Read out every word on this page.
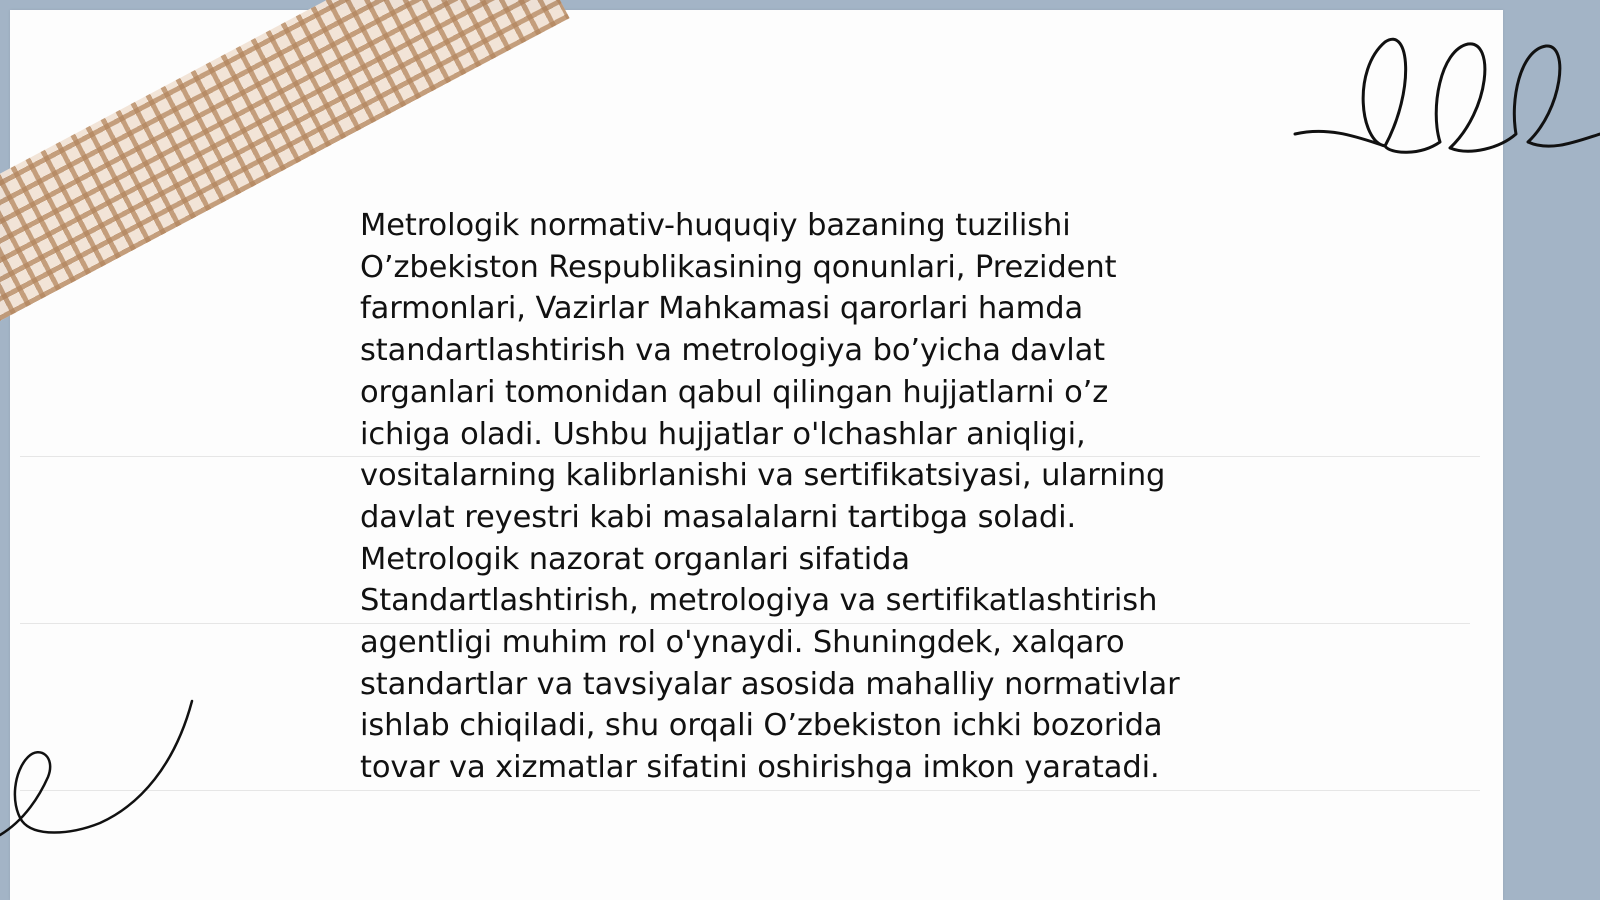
Metrologik normativ-huquqiy bazaning tuzilishi
O’zbekiston Respublikasining qonunlari, Prezident
farmonlari, Vazirlar Mahkamasi qarorlari hamda
standartlashtirish va metrologiya bo’yicha davlat
organlari tomonidan qabul qilingan hujjatlarni o’z
ichiga oladi. Ushbu hujjatlar o'lchashlar aniqligi,
vositalarning kalibrlanishi va sertifikatsiyasi, ularning
davlat reyestri kabi masalalarni tartibga soladi.
Metrologik nazorat organlari sifatida
Standartlashtirish, metrologiya va sertifikatlashtirish
agentligi muhim rol o'ynaydi. Shuningdek, xalqaro
standartlar va tavsiyalar asosida mahalliy normativlar
ishlab chiqiladi, shu orqali O’zbekiston ichki bozorida
tovar va xizmatlar sifatini oshirishga imkon yaratadi.
